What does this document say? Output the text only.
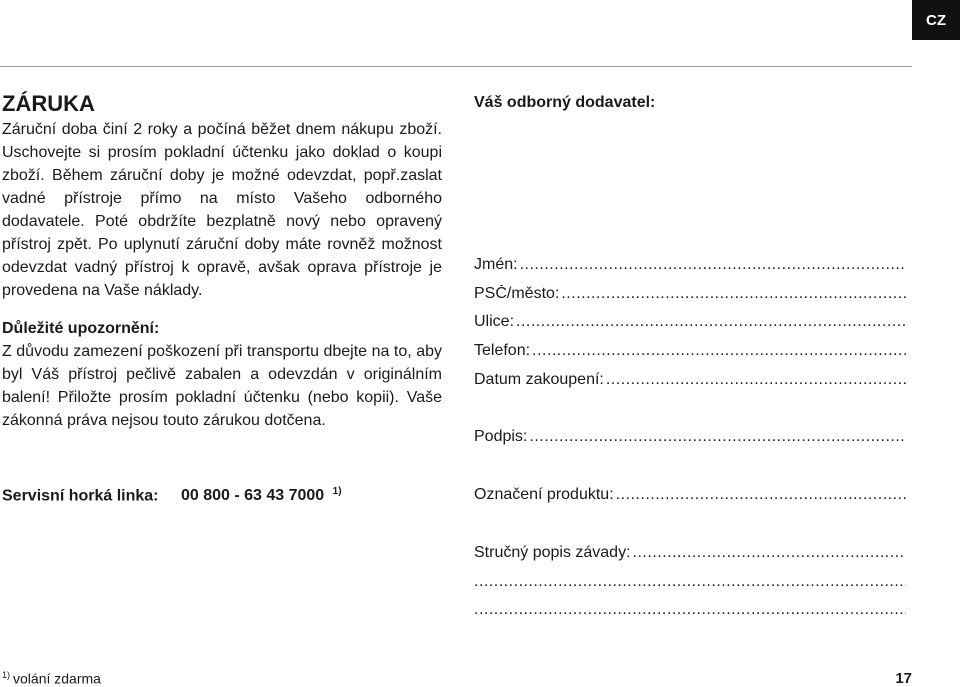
CZ
ZÁRUKA

Záruční doba činí 2 roky a počíná běžet dnem nákupu zboží. Uschovejte si prosím pokladní účtenku jako doklad o koupi zboží. Během záruční doby je možné odevzdat, popř.zaslat vadné přístroje přímo na místo Vašeho odborného dodavatele. Poté obdržíte bezplatně nový nebo opravený přístroj zpět. Po uplynutí záruční doby máte rovněž možnost odevzdat vadný přístroj k opravě, avšak oprava přístroje je provedena na Vaše náklady.

Důležité upozornění:

Z důvodu zamezení poškození při transportu dbejte na to, aby byl Váš přístroj pečlivě zabalen a odevzdán v originálním balení! Přiložte prosím pokladní účtenku (nebo kopii). Vaše zákonná práva nejsou touto zárukou dotčena.

Servisní horká linka: 00 800 - 63 43 7000 $^{1)}$
Váš odborný dodavatel:
Jmén:
.....
PSČ/město:
.....
Ulice:
.....
Telefon:
.....
Datum zakoupení:
.....
Podpis:
.....
Označení produktu:
.....
Stručný popis závady:
.....
.....
.....
$^{1)}$ volání zdarma	17
